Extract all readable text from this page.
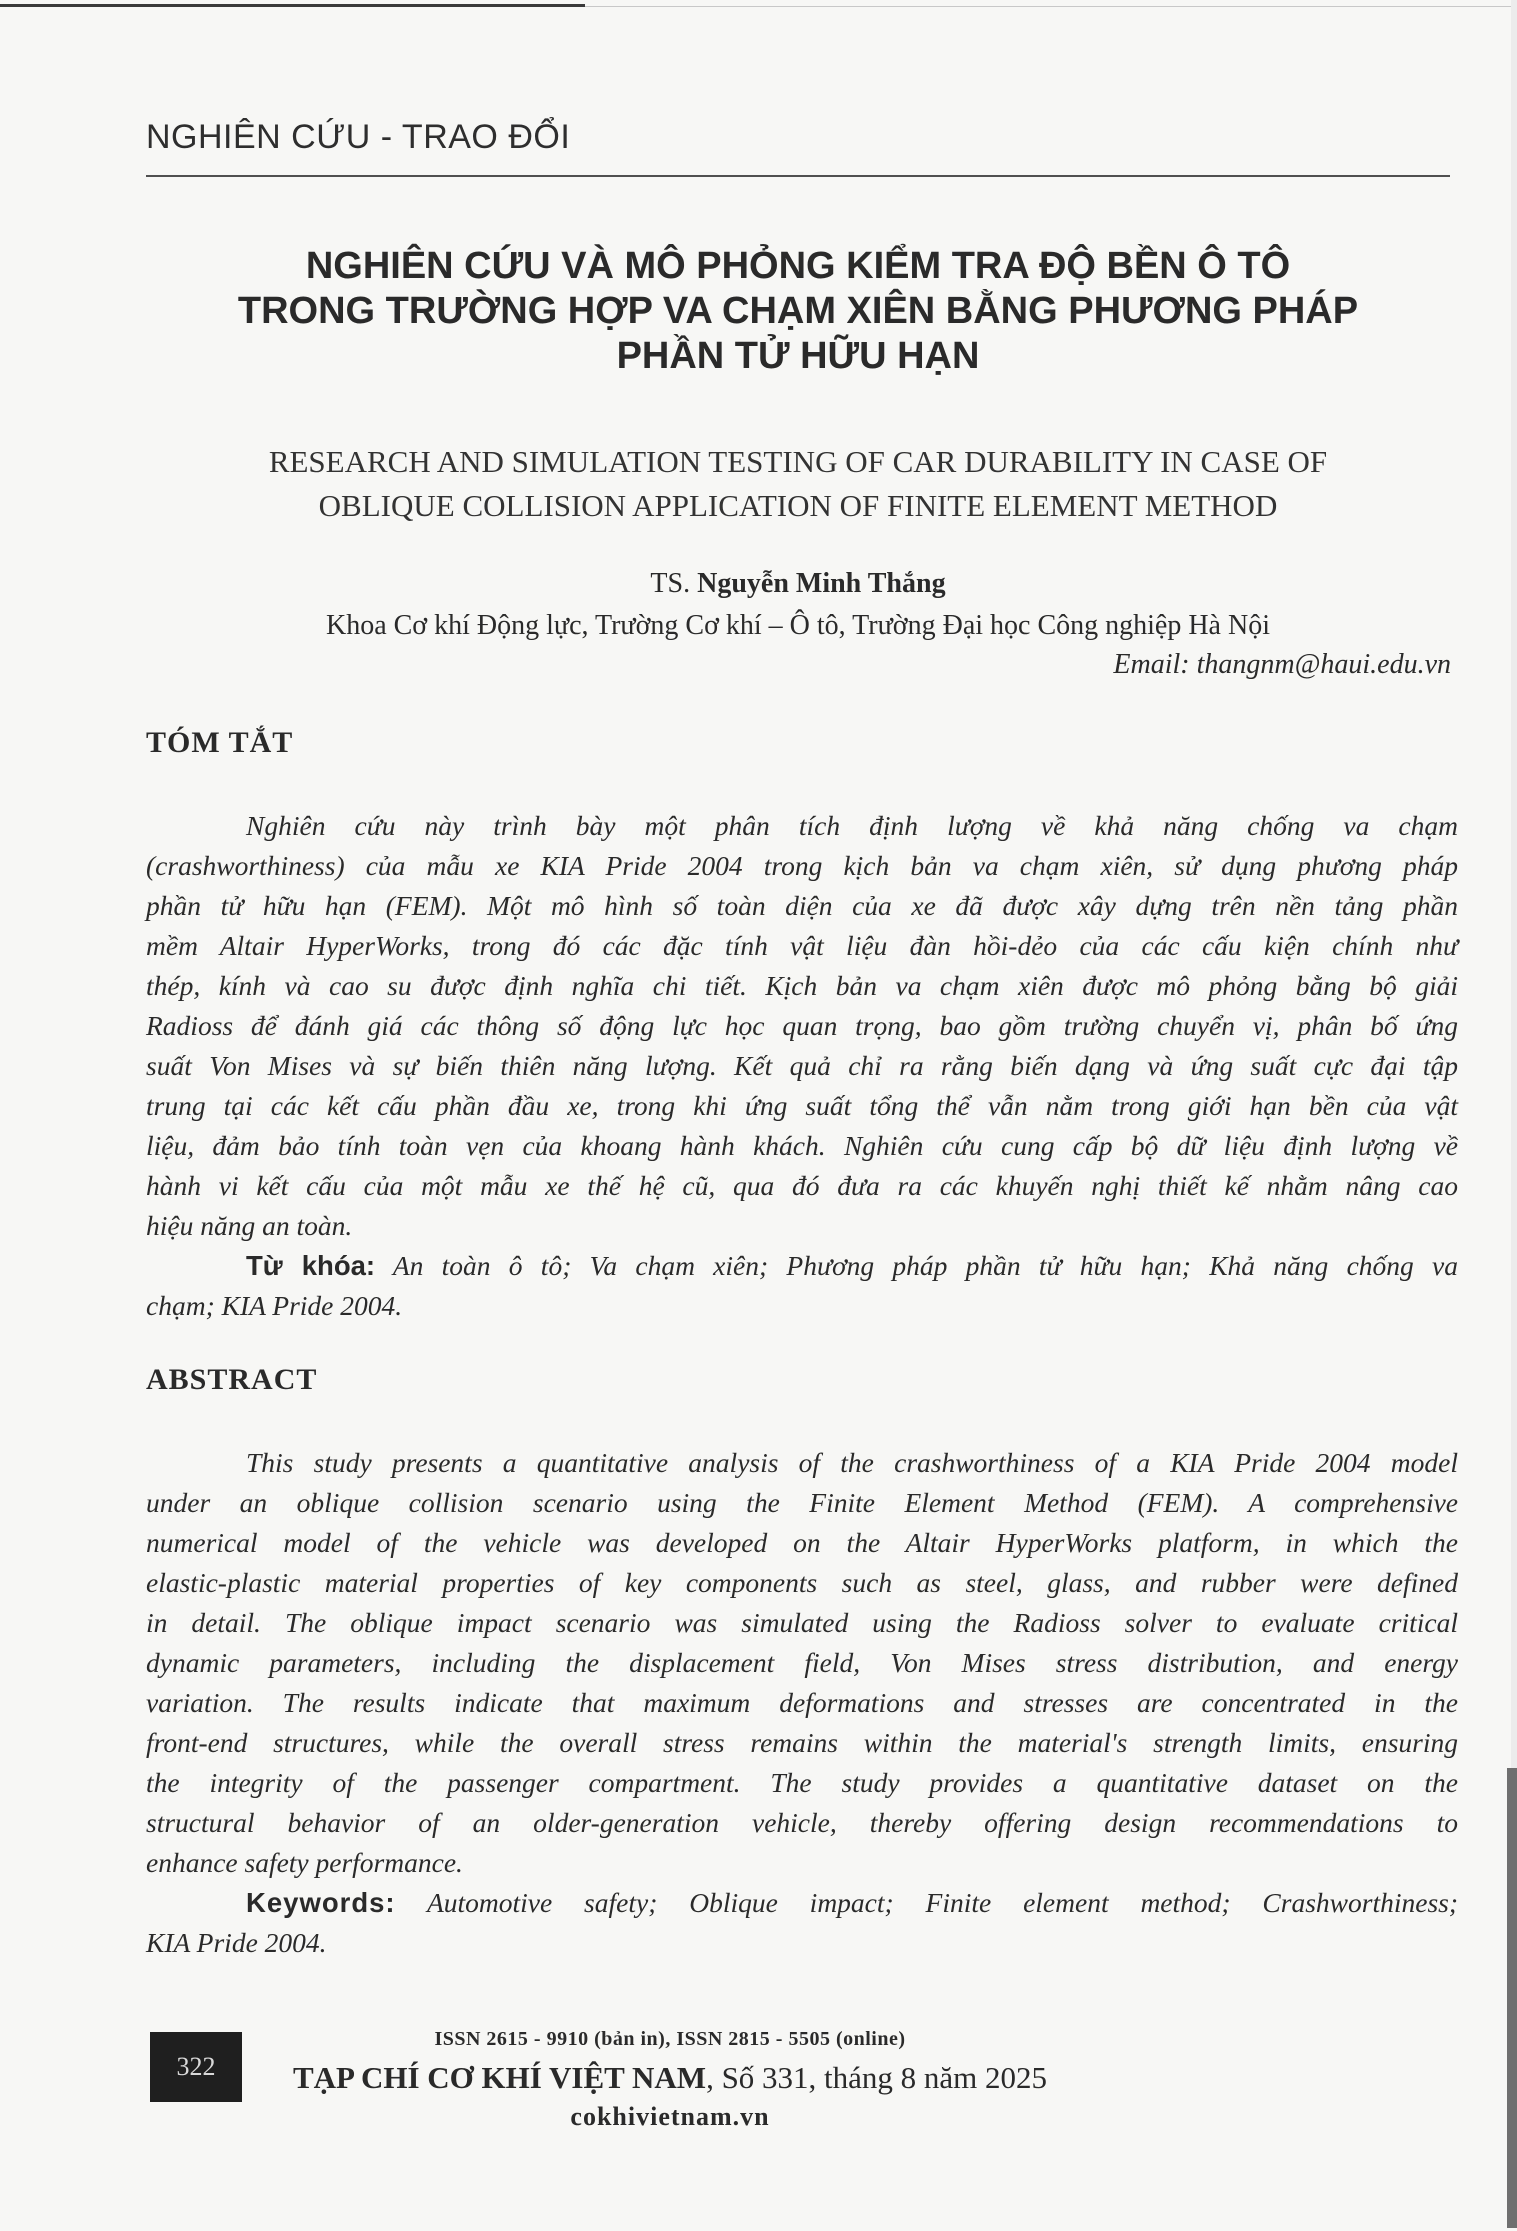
NGHIÊN CỨU - TRAO ĐỔI
NGHIÊN CỨU VÀ MÔ PHỎNG KIỂM TRA ĐỘ BỀN Ô TÔ
TRONG TRƯỜNG HỢP VA CHẠM XIÊN BẰNG PHƯƠNG PHÁP
PHẦN TỬ HỮU HẠN
RESEARCH AND SIMULATION TESTING OF CAR DURABILITY IN CASE OF
OBLIQUE COLLISION APPLICATION OF FINITE ELEMENT METHOD
TS. Nguyễn Minh Thắng
Khoa Cơ khí Động lực, Trường Cơ khí – Ô tô, Trường Đại học Công nghiệp Hà Nội
Email: thangnm@haui.edu.vn
TÓM TẮT
Nghiên cứu này trình bày một phân tích định lượng về khả năng chống va chạm
(crashworthiness) của mẫu xe KIA Pride 2004 trong kịch bản va chạm xiên, sử dụng phương pháp
phần tử hữu hạn (FEM). Một mô hình số toàn diện của xe đã được xây dựng trên nền tảng phần
mềm Altair HyperWorks, trong đó các đặc tính vật liệu đàn hồi-dẻo của các cấu kiện chính như
thép, kính và cao su được định nghĩa chi tiết. Kịch bản va chạm xiên được mô phỏng bằng bộ giải
Radioss để đánh giá các thông số động lực học quan trọng, bao gồm trường chuyển vị, phân bố ứng
suất Von Mises và sự biến thiên năng lượng. Kết quả chỉ ra rằng biến dạng và ứng suất cực đại tập
trung tại các kết cấu phần đầu xe, trong khi ứng suất tổng thể vẫn nằm trong giới hạn bền của vật
liệu, đảm bảo tính toàn vẹn của khoang hành khách. Nghiên cứu cung cấp bộ dữ liệu định lượng về
hành vi kết cấu của một mẫu xe thế hệ cũ, qua đó đưa ra các khuyến nghị thiết kế nhằm nâng cao
hiệu năng an toàn.
Từ khóa: An toàn ô tô; Va chạm xiên; Phương pháp phần tử hữu hạn; Khả năng chống va
chạm; KIA Pride 2004.
ABSTRACT
This study presents a quantitative analysis of the crashworthiness of a KIA Pride 2004 model
under an oblique collision scenario using the Finite Element Method (FEM). A comprehensive
numerical model of the vehicle was developed on the Altair HyperWorks platform, in which the
elastic-plastic material properties of key components such as steel, glass, and rubber were defined
in detail. The oblique impact scenario was simulated using the Radioss solver to evaluate critical
dynamic parameters, including the displacement field, Von Mises stress distribution, and energy
variation. The results indicate that maximum deformations and stresses are concentrated in the
front-end structures, while the overall stress remains within the material's strength limits, ensuring
the integrity of the passenger compartment. The study provides a quantitative dataset on the
structural behavior of an older-generation vehicle, thereby offering design recommendations to
enhance safety performance.
Keywords: Automotive safety; Oblique impact; Finite element method; Crashworthiness;
KIA Pride 2004.
322
ISSN 2615 - 9910 (bản in), ISSN 2815 - 5505 (online)
TẠP CHÍ CƠ KHÍ VIỆT NAM, Số 331, tháng 8 năm 2025
cokhivietnam.vn
